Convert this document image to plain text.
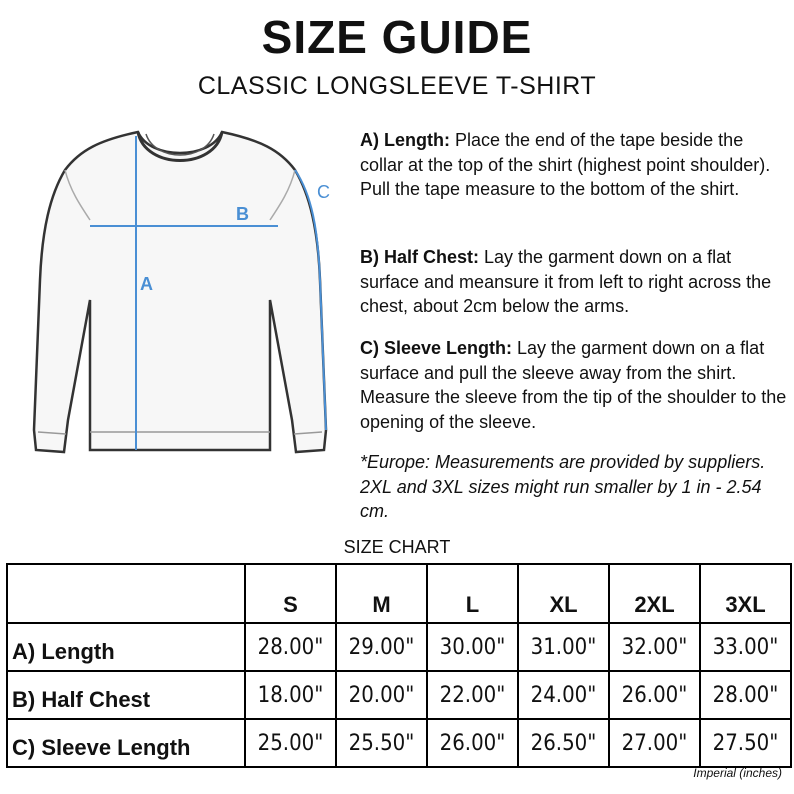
SIZE GUIDE
CLASSIC LONGSLEEVE T-SHIRT
A
B
C
A) Length: Place the end of the tape beside the collar at the top of the shirt (highest point shoulder). Pull the tape measure to the bottom of the shirt.
B) Half Chest: Lay the garment down on a flat surface and meansure it from left to right across the chest, about 2cm below the arms.
C) Sleeve Length: Lay the garment down on a flat surface and pull the sleeve away from the shirt. Measure the sleeve from the tip of the shoulder to the opening of the sleeve.
*Europe: Measurements are provided by suppliers. 2XL and 3XL sizes might run smaller by 1 in - 2.54 cm.
SIZE CHART
	S	M	L	XL	2XL	3XL
A) Length	28.00"	29.00"	30.00"	31.00"	32.00"	33.00"
B) Half Chest	18.00"	20.00"	22.00"	24.00"	26.00"	28.00"
C) Sleeve Length	25.00"	25.50"	26.00"	26.50"	27.00"	27.50"
Imperial (inches)
